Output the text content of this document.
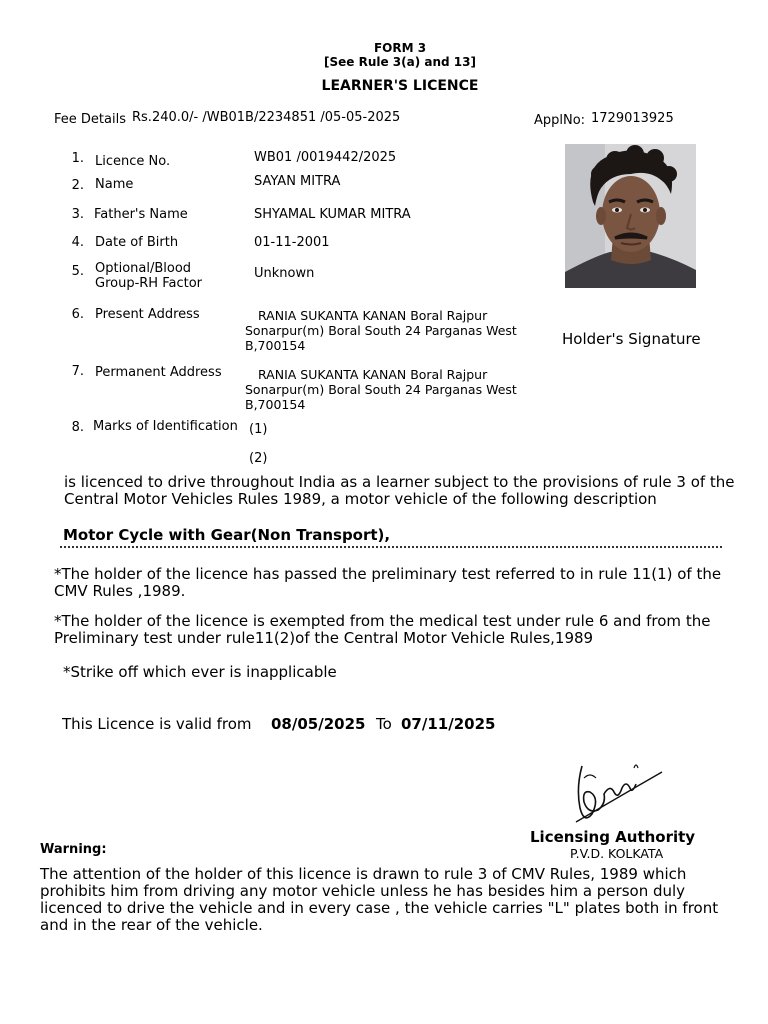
FORM 3
[See Rule 3(a) and 13]
LEARNER'S LICENCE
Fee Details Rs.240.0/- /WB01B/2234851 /05-05-2025	ApplNo: 1729013925
1. Licence No.	WB01 /0019442/2025
2. Name	SAYAN MITRA
3. Father's Name	SHYAMAL KUMAR MITRA
4. Date of Birth	01-11-2001
5. Optional/Blood
Group-RH Factor
Unknown
6. Present Address	RANIA SUKANTA KANAN Boral Rajpur Sonarpur(m) Boral South 24 Parganas West B,700154
7. Permanent Address	RANIA SUKANTA KANAN Boral Rajpur Sonarpur(m) Boral South 24 Parganas West B,700154
8. Marks of Identification (1)
(2)
Holder's Signature
is licenced to drive throughout India as a learner subject to the provisions of rule 3 of the Central Motor Vehicles Rules 1989, a motor vehicle of the following description
Motor Cycle with Gear(Non Transport),
*The holder of the licence has passed the preliminary test referred to in rule 11(1) of the CMV Rules ,1989.
*The holder of the licence is exempted from the medical test under rule 6 and from the Preliminary test under rule11(2)of the Central Motor Vehicle Rules,1989
*Strike off which ever is inapplicable
This Licence is valid from 08/05/2025 To 07/11/2025
Licensing Authority
P.V.D. KOLKATA
Warning:
The attention of the holder of this licence is drawn to rule 3 of CMV Rules, 1989 which prohibits him from driving any motor vehicle unless he has besides him a person duly licenced to drive the vehicle and in every case , the vehicle carries "L" plates both in front and in the rear of the vehicle.
